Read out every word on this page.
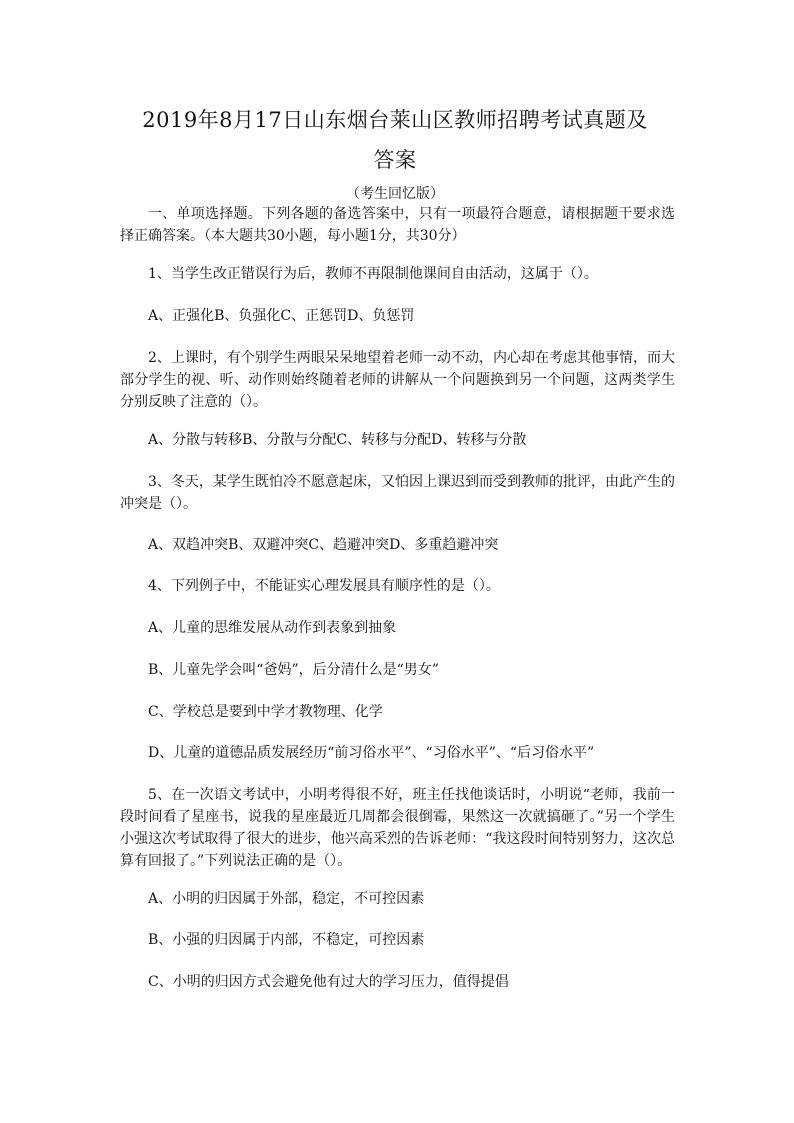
2019年8月17日山东烟台莱山区教师招聘考试真题及
答案
（考生回忆版）

一、单项选择题。下列各题的备选答案中，只有一项最符合题意，请根据题干要求选择正确答案。（本大题共30小题，每小题1分，共30分）

1、当学生改正错误行为后，教师不再限制他课间自由活动，这属于（）。

A、正强化B、负强化C、正惩罚D、负惩罚

2、上课时，有个别学生两眼呆呆地望着老师一动不动，内心却在考虑其他事情，而大部分学生的视、听、动作则始终随着老师的讲解从一个问题换到另一个问题，这两类学生分别反映了注意的（）。

A、分散与转移B、分散与分配C、转移与分配D、转移与分散

3、冬天，某学生既怕冷不愿意起床，又怕因上课迟到而受到教师的批评，由此产生的冲突是（）。

A、双趋冲突B、双避冲突C、趋避冲突D、多重趋避冲突

4、下列例子中，不能证实心理发展具有顺序性的是（）。

A、儿童的思维发展从动作到表象到抽象

B、儿童先学会叫“爸妈”，后分清什么是“男女”

C、学校总是要到中学才教物理、化学

D、儿童的道德品质发展经历“前习俗水平”、“习俗水平”、“后习俗水平”

5、在一次语文考试中，小明考得很不好，班主任找他谈话时，小明说“老师，我前一段时间看了星座书，说我的星座最近几周都会很倒霉，果然这一次就搞砸了。”另一个学生小强这次考试取得了很大的进步，他兴高采烈的告诉老师：“我这段时间特别努力，这次总算有回报了。”下列说法正确的是（）。

A、小明的归因属于外部，稳定，不可控因素

B、小强的归因属于内部，不稳定，可控因素

C、小明的归因方式会避免他有过大的学习压力，值得提倡
